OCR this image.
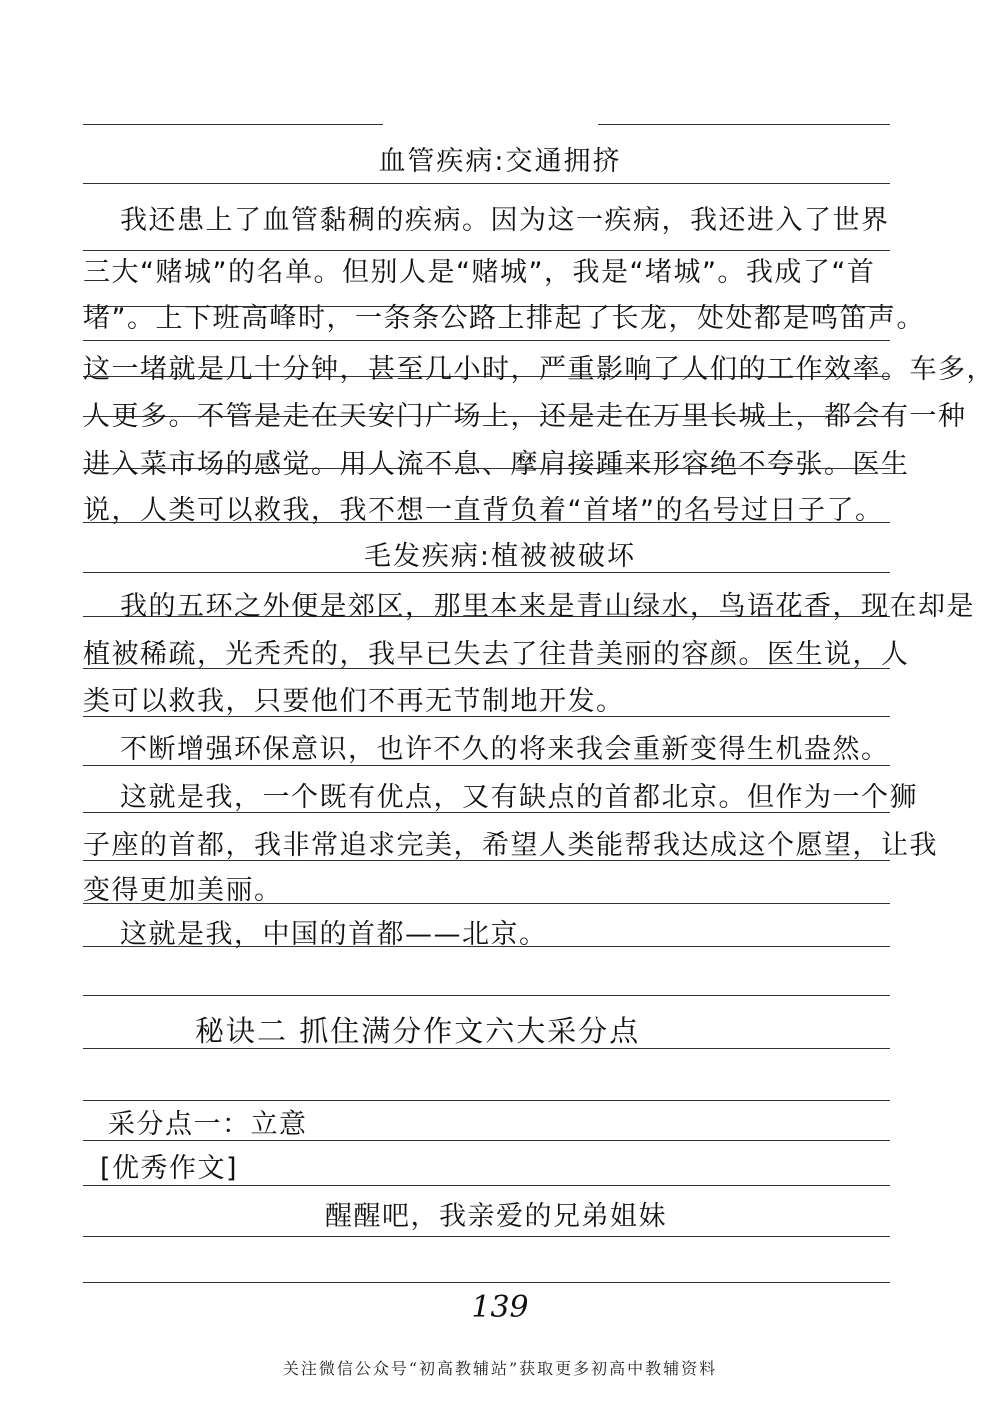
血管疾病:交通拥挤
我还患上了血管黏稠的疾病。因为这一疾病，我还进入了世界
三大“赌城”的名单。但别人是“赌城”，我是“堵城”。我成了“首
堵”。上下班高峰时，一条条公路上排起了长龙，处处都是鸣笛声。
这一堵就是几十分钟，甚至几小时，严重影响了人们的工作效率。车多，
人更多。不管是走在天安门广场上，还是走在万里长城上，都会有一种
进入菜市场的感觉。用人流不息、摩肩接踵来形容绝不夸张。医生
说，人类可以救我，我不想一直背负着“首堵”的名号过日子了。
毛发疾病:植被被破坏
我的五环之外便是郊区，那里本来是青山绿水，鸟语花香，现在却是
植被稀疏，光秃秃的，我早已失去了往昔美丽的容颜。医生说，人
类可以救我，只要他们不再无节制地开发。
不断增强环保意识，也许不久的将来我会重新变得生机盎然。
这就是我，一个既有优点，又有缺点的首都北京。但作为一个狮
子座的首都，我非常追求完美，希望人类能帮我达成这个愿望，让我
变得更加美丽。
这就是我，中国的首都——北京。
秘诀二 抓住满分作文六大采分点
采分点一：立意
[优秀作文]
醒醒吧，我亲爱的兄弟姐妹
139
关注微信公众号“初高教辅站”获取更多初高中教辅资料
